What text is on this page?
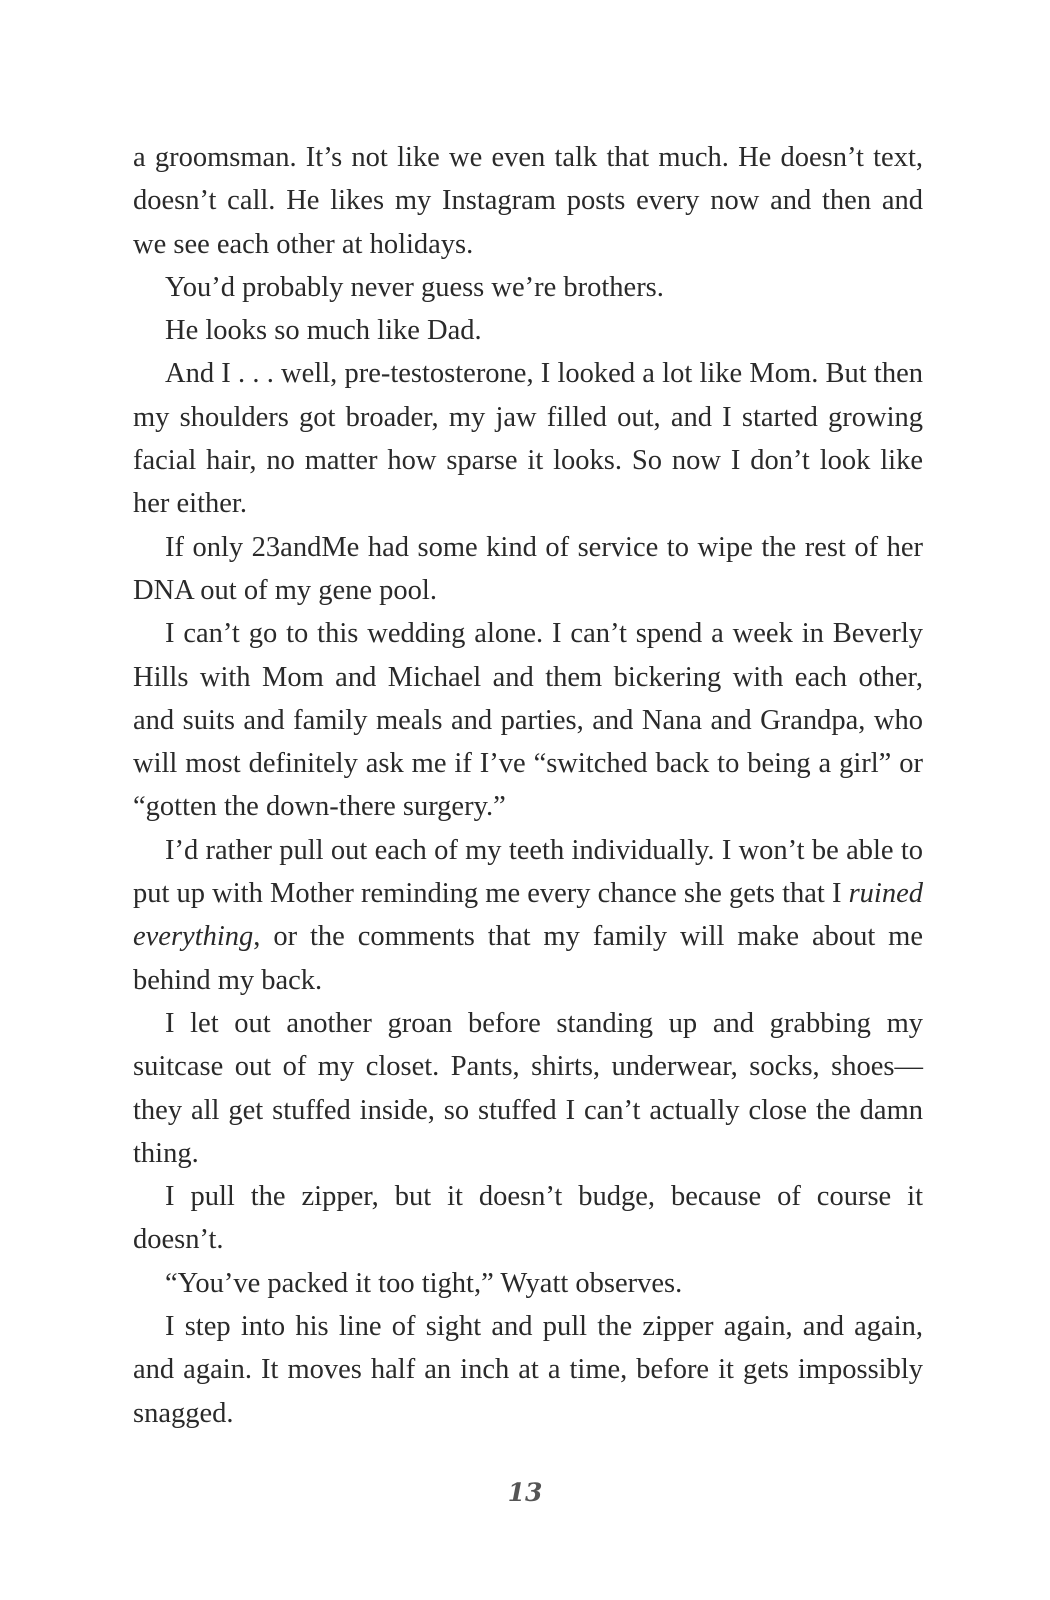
a groomsman. It’s not like we even talk that much. He doesn’t text, doesn’t call. He likes my Instagram posts every now and then and we see each other at holidays.

You’d probably never guess we’re brothers.

He looks so much like Dad.

And I . . . well, pre-testosterone, I looked a lot like Mom. But then my shoulders got broader, my jaw filled out, and I started growing facial hair, no matter how sparse it looks. So now I don’t look like her either.

If only 23andMe had some kind of service to wipe the rest of her DNA out of my gene pool.

I can’t go to this wedding alone. I can’t spend a week in Beverly Hills with Mom and Michael and them bickering with each other, and suits and family meals and parties, and Nana and Grandpa, who will most definitely ask me if I’ve “switched back to being a girl” or “gotten the down-there surgery.”

I’d rather pull out each of my teeth individually. I won’t be able to put up with Mother reminding me every chance she gets that I ruined everything, or the comments that my family will make about me behind my back.

I let out another groan before standing up and grabbing my suitcase out of my closet. Pants, shirts, underwear, socks, shoes—they all get stuffed inside, so stuffed I can’t actually close the damn thing.

I pull the zipper, but it doesn’t budge, because of course it doesn’t.

“You’ve packed it too tight,” Wyatt observes.

I step into his line of sight and pull the zipper again, and again, and again. It moves half an inch at a time, before it gets impossibly snagged.

13
